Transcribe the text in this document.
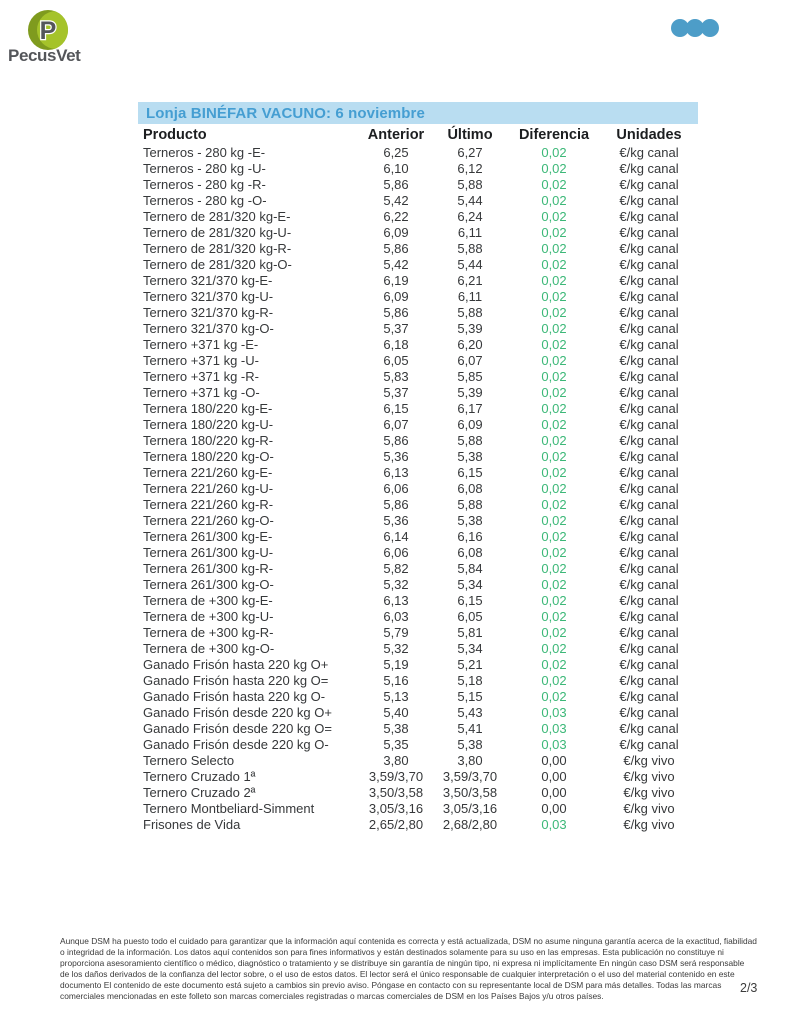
P
PecusVet
Lonja BINÉFAR VACUNO: 6 noviembre
Producto	Anterior	Último	Diferencia	Unidades
Terneros - 280 kg -E-	6,25	6,27	0,02	€/kg canal
Terneros - 280 kg -U-	6,10	6,12	0,02	€/kg canal
Terneros - 280 kg -R-	5,86	5,88	0,02	€/kg canal
Terneros - 280 kg -O-	5,42	5,44	0,02	€/kg canal
Ternero de 281/320 kg-E-	6,22	6,24	0,02	€/kg canal
Ternero de 281/320 kg-U-	6,09	6,11	0,02	€/kg canal
Ternero de 281/320 kg-R-	5,86	5,88	0,02	€/kg canal
Ternero de 281/320 kg-O-	5,42	5,44	0,02	€/kg canal
Ternero 321/370 kg-E-	6,19	6,21	0,02	€/kg canal
Ternero 321/370 kg-U-	6,09	6,11	0,02	€/kg canal
Ternero 321/370 kg-R-	5,86	5,88	0,02	€/kg canal
Ternero 321/370 kg-O-	5,37	5,39	0,02	€/kg canal
Ternero +371 kg -E-	6,18	6,20	0,02	€/kg canal
Ternero +371 kg -U-	6,05	6,07	0,02	€/kg canal
Ternero +371 kg -R-	5,83	5,85	0,02	€/kg canal
Ternero +371 kg -O-	5,37	5,39	0,02	€/kg canal
Ternera 180/220 kg-E-	6,15	6,17	0,02	€/kg canal
Ternera 180/220 kg-U-	6,07	6,09	0,02	€/kg canal
Ternera 180/220 kg-R-	5,86	5,88	0,02	€/kg canal
Ternera 180/220 kg-O-	5,36	5,38	0,02	€/kg canal
Ternera 221/260 kg-E-	6,13	6,15	0,02	€/kg canal
Ternera 221/260 kg-U-	6,06	6,08	0,02	€/kg canal
Ternera 221/260 kg-R-	5,86	5,88	0,02	€/kg canal
Ternera 221/260 kg-O-	5,36	5,38	0,02	€/kg canal
Ternera 261/300 kg-E-	6,14	6,16	0,02	€/kg canal
Ternera 261/300 kg-U-	6,06	6,08	0,02	€/kg canal
Ternera 261/300 kg-R-	5,82	5,84	0,02	€/kg canal
Ternera 261/300 kg-O-	5,32	5,34	0,02	€/kg canal
Ternera de +300 kg-E-	6,13	6,15	0,02	€/kg canal
Ternera de +300 kg-U-	6,03	6,05	0,02	€/kg canal
Ternera de +300 kg-R-	5,79	5,81	0,02	€/kg canal
Ternera de +300 kg-O-	5,32	5,34	0,02	€/kg canal
Ganado Frisón hasta 220 kg O+	5,19	5,21	0,02	€/kg canal
Ganado Frisón hasta 220 kg O=	5,16	5,18	0,02	€/kg canal
Ganado Frisón hasta 220 kg O-	5,13	5,15	0,02	€/kg canal
Ganado Frisón desde 220 kg O+	5,40	5,43	0,03	€/kg canal
Ganado Frisón desde 220 kg O=	5,38	5,41	0,03	€/kg canal
Ganado Frisón desde 220 kg O-	5,35	5,38	0,03	€/kg canal
Ternero Selecto	3,80	3,80	0,00	€/kg vivo
Ternero Cruzado 1ª	3,59/3,70	3,59/3,70	0,00	€/kg vivo
Ternero Cruzado 2ª	3,50/3,58	3,50/3,58	0,00	€/kg vivo
Ternero Montbeliard-Simment	3,05/3,16	3,05/3,16	0,00	€/kg vivo
Frisones de Vida	2,65/2,80	2,68/2,80	0,03	€/kg vivo
Aunque DSM ha puesto todo el cuidado para garantizar que la información aquí contenida es correcta y está actualizada, DSM no asume ninguna garantía acerca de la exactitud, fiabilidad
o integridad de la información. Los datos aquí contenidos son para fines informativos y están destinados solamente para su uso en las empresas. Esta publicación no constituye ni
proporciona asesoramiento científico o médico, diagnóstico o tratamiento y se distribuye sin garantía de ningún tipo, ni expresa ni implícitamente En ningún caso DSM será responsable
de los daños derivados de la confianza del lector sobre, o el uso de estos datos. El lector será el único responsable de cualquier interpretación o el uso del material contenido en este
documento El contenido de este documento está sujeto a cambios sin previo aviso. Póngase en contacto con su representante local de DSM para más detalles. Todas las marcas
comerciales mencionadas en este folleto son marcas comerciales registradas o marcas comerciales de DSM en los Países Bajos y/u otros países.
2/3
